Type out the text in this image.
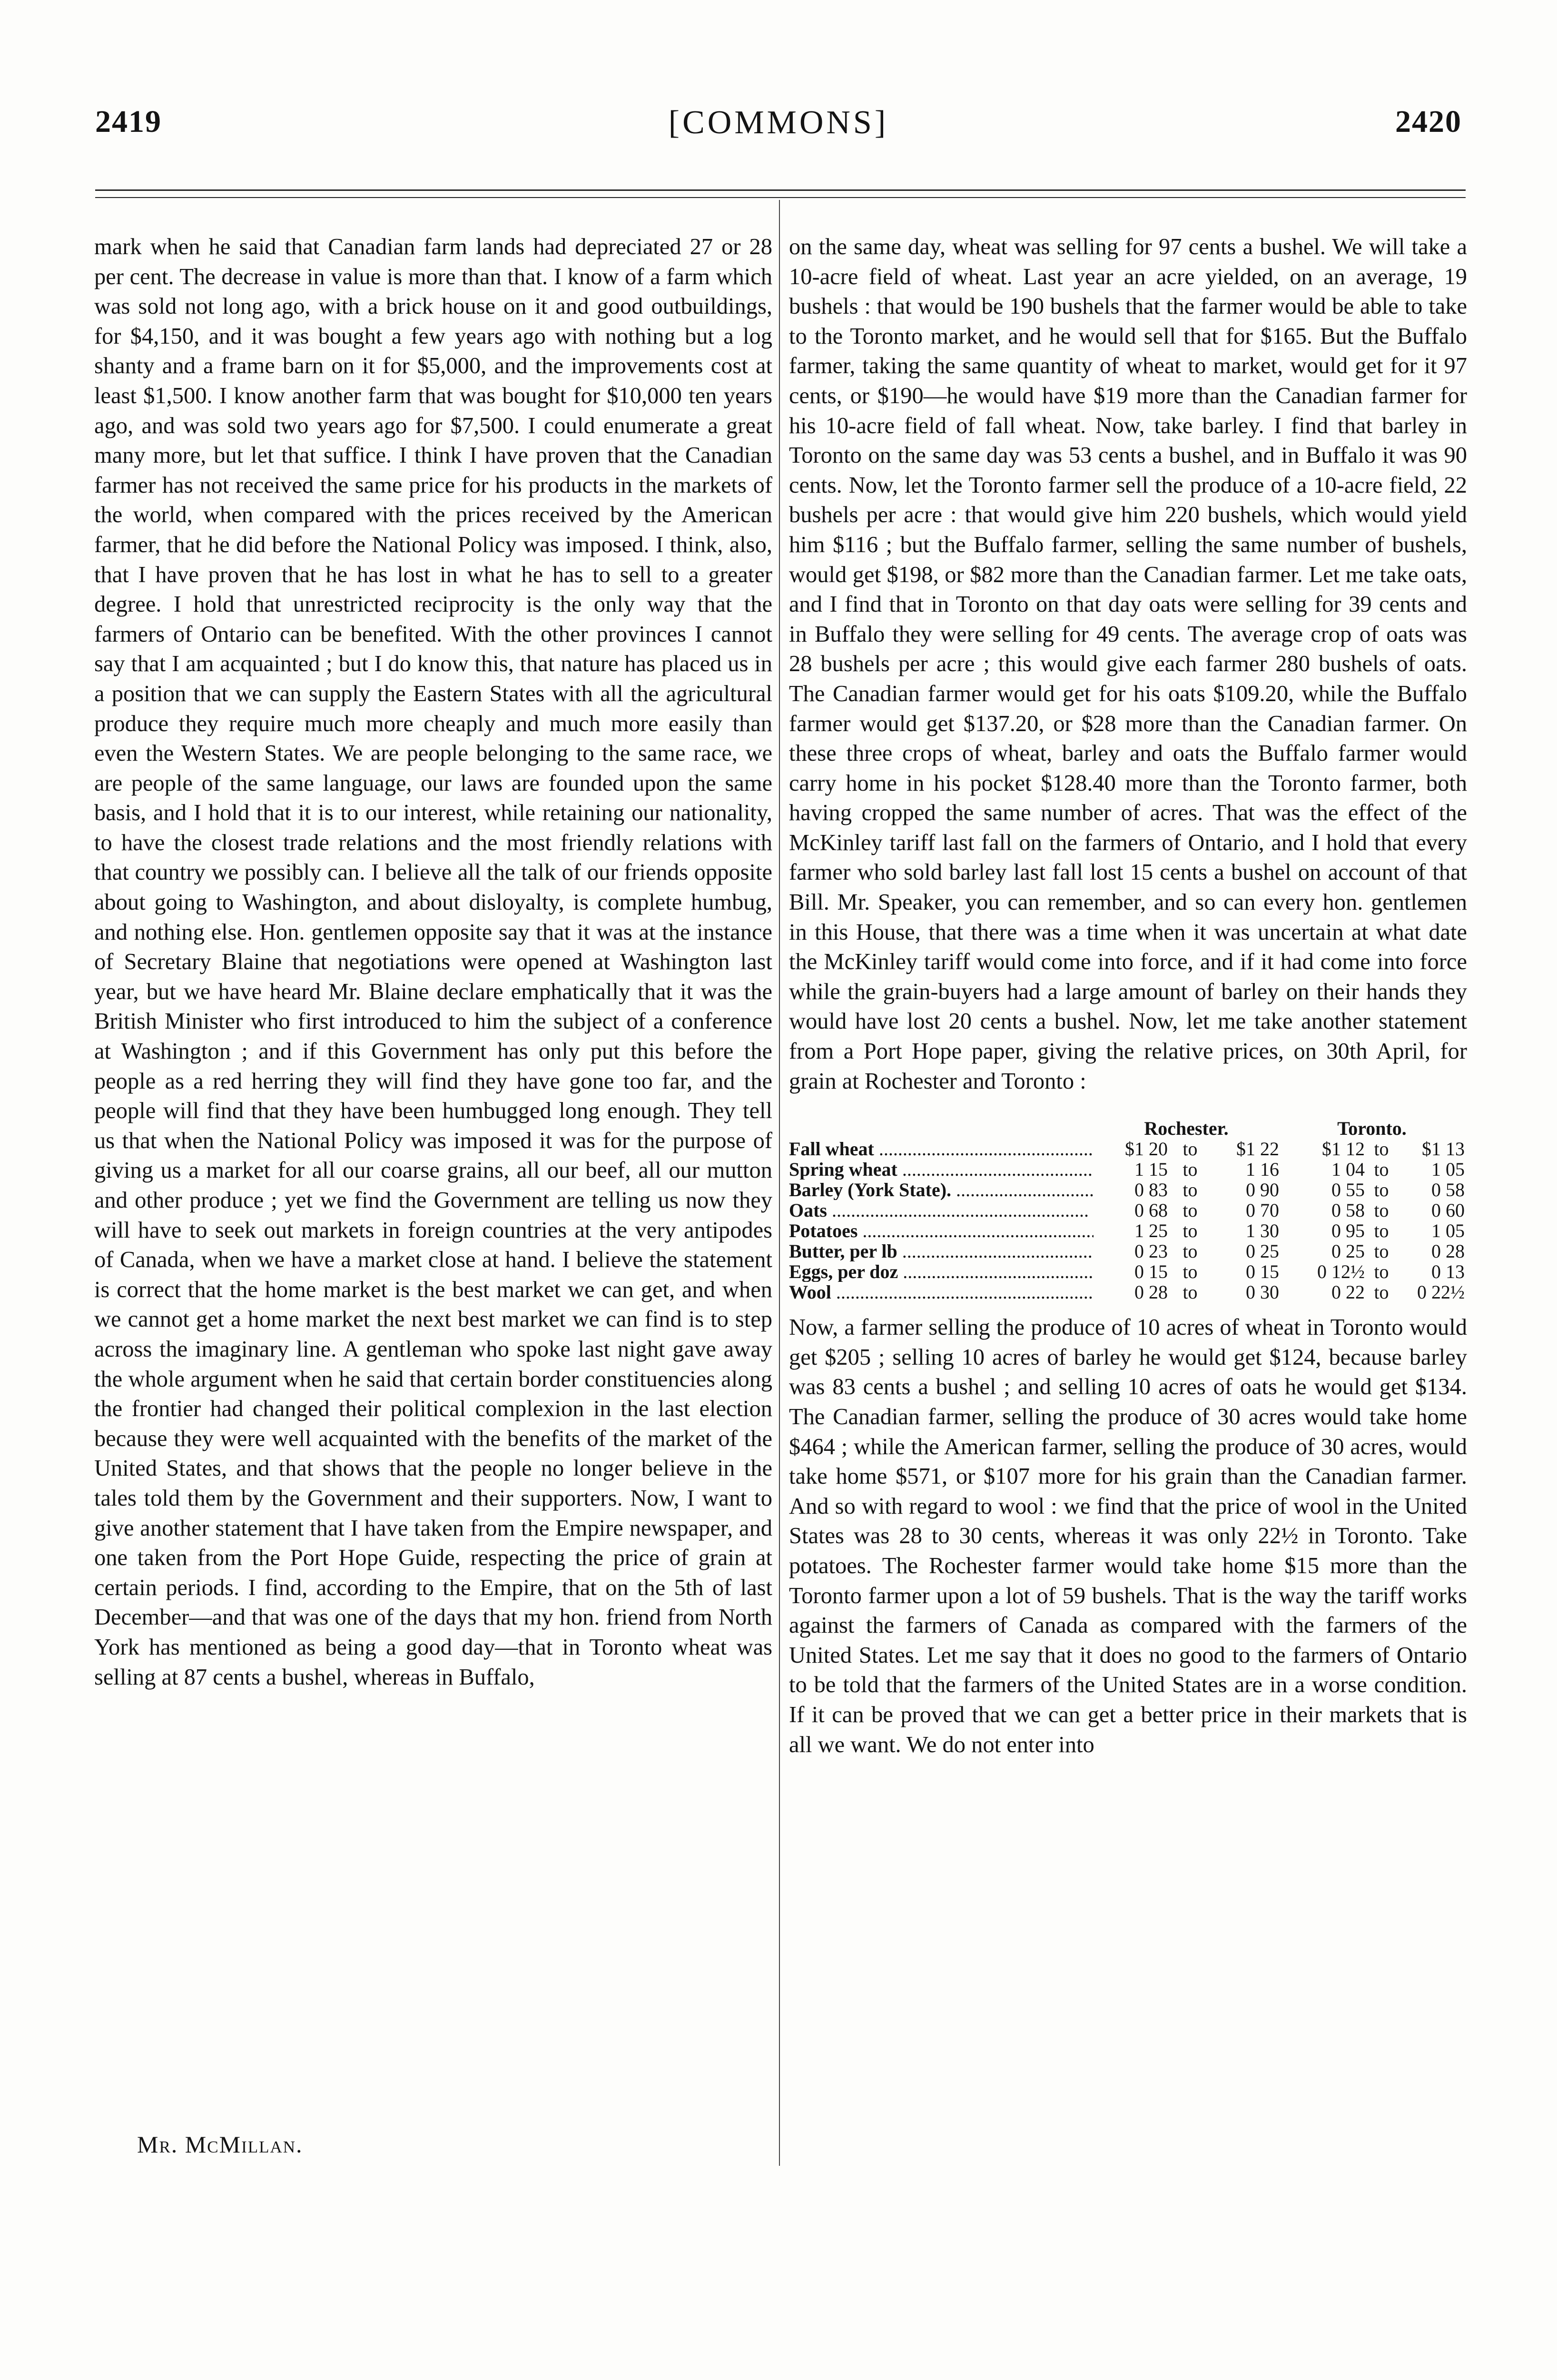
2419	[COMMONS]	2420

mark when he said that Canadian farm lands had depreciated 27 or 28 per cent. The decrease in value is more than that. I know of a farm which was sold not long ago, with a brick house on it and good outbuildings, for $4,150, and it was bought a few years ago with nothing but a log shanty and a frame barn on it for $5,000, and the improvements cost at least $1,500. I know another farm that was bought for $10,000 ten years ago, and was sold two years ago for $7,500. I could enumerate a great many more, but let that suffice. I think I have proven that the Canadian farmer has not received the same price for his products in the markets of the world, when compared with the prices received by the American farmer, that he did before the National Policy was imposed. I think, also, that I have proven that he has lost in what he has to sell to a greater degree. I hold that unrestricted reciprocity is the only way that the farmers of Ontario can be benefited. With the other provinces I cannot say that I am acquainted ; but I do know this, that nature has placed us in a position that we can supply the Eastern States with all the agricultural produce they require much more cheaply and much more easily than even the Western States. We are people belonging to the same race, we are people of the same language, our laws are founded upon the same basis, and I hold that it is to our interest, while retaining our nationality, to have the closest trade relations and the most friendly relations with that country we possibly can. I believe all the talk of our friends opposite about going to Washington, and about disloyalty, is complete humbug, and nothing else. Hon. gentlemen opposite say that it was at the instance of Secretary Blaine that negotiations were opened at Washington last year, but we have heard Mr. Blaine declare emphatically that it was the British Minister who first introduced to him the subject of a conference at Washington ; and if this Government has only put this before the people as a red herring they will find they have gone too far, and the people will find that they have been humbugged long enough. They tell us that when the National Policy was imposed it was for the purpose of giving us a market for all our coarse grains, all our beef, all our mutton and other produce ; yet we find the Government are telling us now they will have to seek out markets in foreign countries at the very antipodes of Canada, when we have a market close at hand. I believe the statement is correct that the home market is the best market we can get, and when we cannot get a home market the next best market we can find is to step across the imaginary line. A gentleman who spoke last night gave away the whole argument when he said that certain border constituencies along the frontier had changed their political complexion in the last election because they were well acquainted with the benefits of the market of the United States, and that shows that the people no longer believe in the tales told them by the Government and their supporters. Now, I want to give another statement that I have taken from the Empire newspaper, and one taken from the Port Hope Guide, respecting the price of grain at certain periods. I find, according to the Empire, that on the 5th of last December—and that was one of the days that my hon. friend from North York has mentioned as being a good day—that in Toronto wheat was selling at 87 cents a bushel, whereas in Buffalo,

on the same day, wheat was selling for 97 cents a bushel. We will take a 10-acre field of wheat. Last year an acre yielded, on an average, 19 bushels : that would be 190 bushels that the farmer would be able to take to the Toronto market, and he would sell that for $165. But the Buffalo farmer, taking the same quantity of wheat to market, would get for it 97 cents, or $190—he would have $19 more than the Canadian farmer for his 10-acre field of fall wheat. Now, take barley. I find that barley in Toronto on the same day was 53 cents a bushel, and in Buffalo it was 90 cents. Now, let the Toronto farmer sell the produce of a 10-acre field, 22 bushels per acre : that would give him 220 bushels, which would yield him $116 ; but the Buffalo farmer, selling the same number of bushels, would get $198, or $82 more than the Canadian farmer. Let me take oats, and I find that in Toronto on that day oats were selling for 39 cents and in Buffalo they were selling for 49 cents. The average crop of oats was 28 bushels per acre ; this would give each farmer 280 bushels of oats. The Canadian farmer would get for his oats $109.20, while the Buffalo farmer would get $137.20, or $28 more than the Canadian farmer. On these three crops of wheat, barley and oats the Buffalo farmer would carry home in his pocket $128.40 more than the Toronto farmer, both having cropped the same number of acres. That was the effect of the McKinley tariff last fall on the farmers of Ontario, and I hold that every farmer who sold barley last fall lost 15 cents a bushel on account of that Bill. Mr. Speaker, you can remember, and so can every hon. gentlemen in this House, that there was a time when it was uncertain at what date the McKinley tariff would come into force, and if it had come into force while the grain-buyers had a large amount of barley on their hands they would have lost 20 cents a bushel. Now, let me take another statement from a Port Hope paper, giving the relative prices, on 30th April, for grain at Rochester and Toronto :

Rochester.	Toronto.
Fall wheat .....	$1 20 to	$1 22	$1 12 to	$1 13
Spring wheat .....	1 15 to	1 16	1 04 to	1 05
Barley (York State). .....	0 83 to	0 90	0 55 to	0 58
Oats .....	0 68 to	0 70	0 58 to	0 60
Potatoes .....	1 25 to	1 30	0 95 to	1 05
Butter, per lb .....	0 23 to	0 25	0 25 to	0 28
Eggs, per doz .....	0 15 to	0 15	0 12½ to	0 13
Wool .....	0 28 to	0 30	0 22 to	0 22½

Now, a farmer selling the produce of 10 acres of wheat in Toronto would get $205 ; selling 10 acres of barley he would get $124, because barley was 83 cents a bushel ; and selling 10 acres of oats he would get $134. The Canadian farmer, selling the produce of 30 acres would take home $464 ; while the American farmer, selling the produce of 30 acres, would take home $571, or $107 more for his grain than the Canadian farmer. And so with regard to wool : we find that the price of wool in the United States was 28 to 30 cents, whereas it was only 22½ in Toronto. Take potatoes. The Rochester farmer would take home $15 more than the Toronto farmer upon a lot of 59 bushels. That is the way the tariff works against the farmers of Canada as compared with the farmers of the United States. Let me say that it does no good to the farmers of Ontario to be told that the farmers of the United States are in a worse condition. If it can be proved that we can get a better price in their markets that is all we want. We do not enter into

Mr. McMillan.
